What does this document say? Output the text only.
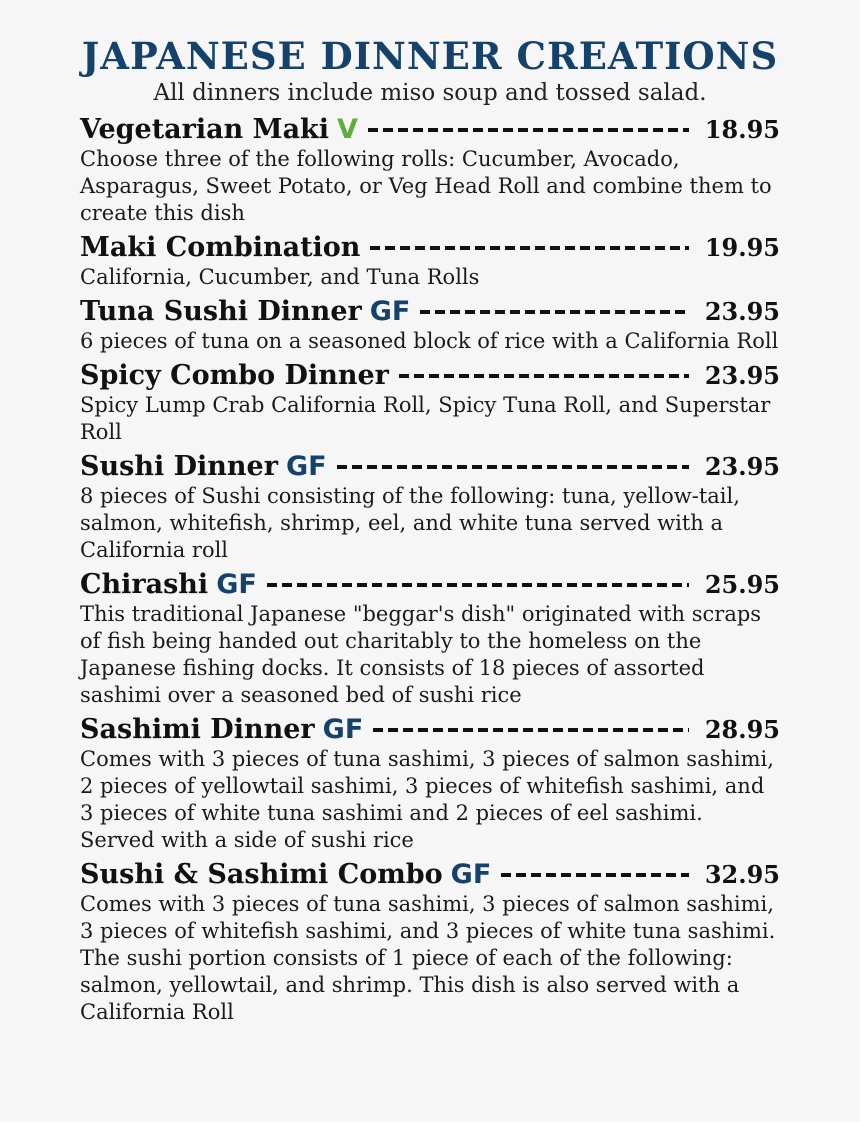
JAPANESE DINNER CREATIONS

All dinners include miso soup and tossed salad.

Vegetarian Maki V	18.95

Choose three of the following rolls: Cucumber, Avocado, Asparagus, Sweet Potato, or Veg Head Roll and combine them to create this dish

Maki Combination	19.95

California, Cucumber, and Tuna Rolls

Tuna Sushi Dinner GF	23.95

6 pieces of tuna on a seasoned block of rice with a California Roll

Spicy Combo Dinner	23.95

Spicy Lump Crab California Roll, Spicy Tuna Roll, and Superstar Roll

Sushi Dinner GF	23.95

8 pieces of Sushi consisting of the following: tuna, yellow-tail, salmon, whitefish, shrimp, eel, and white tuna served with a California roll

Chirashi GF	25.95

This traditional Japanese "beggar's dish" originated with scraps of fish being handed out charitably to the homeless on the Japanese fishing docks. It consists of 18 pieces of assorted sashimi over a seasoned bed of sushi rice

Sashimi Dinner GF	28.95

Comes with 3 pieces of tuna sashimi, 3 pieces of salmon sashimi, 2 pieces of yellowtail sashimi, 3 pieces of whitefish sashimi, and 3 pieces of white tuna sashimi and 2 pieces of eel sashimi. Served with a side of sushi rice

Sushi & Sashimi Combo GF	32.95

Comes with 3 pieces of tuna sashimi, 3 pieces of salmon sashimi, 3 pieces of whitefish sashimi, and 3 pieces of white tuna sashimi. The sushi portion consists of 1 piece of each of the following: salmon, yellowtail, and shrimp. This dish is also served with a California Roll
